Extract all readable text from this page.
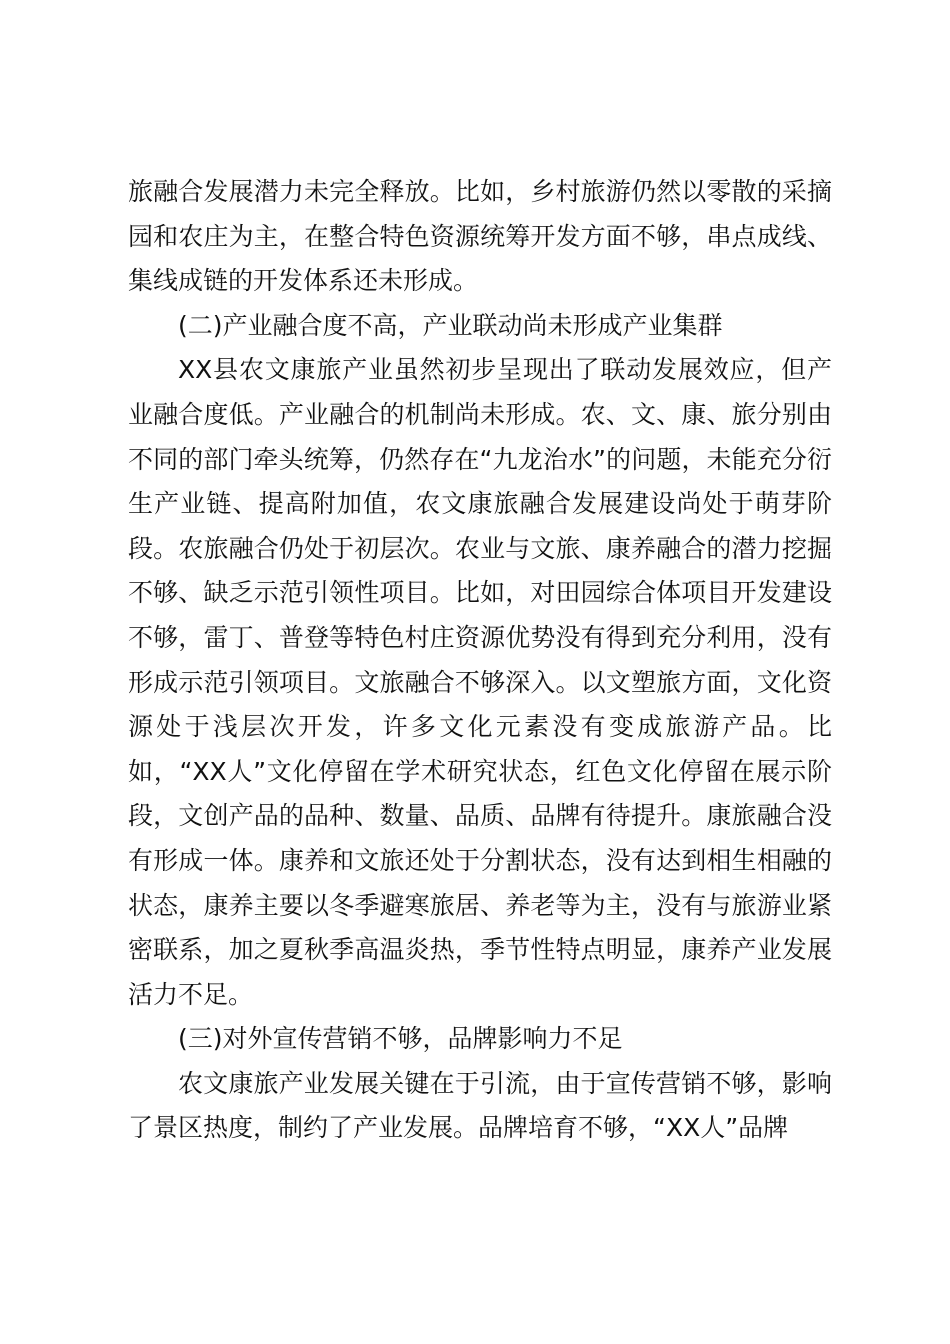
旅融合发展潜力未完全释放。比如，乡村旅游仍然以零散的采摘园和农庄为主，在整合特色资源统筹开发方面不够，串点成线、集线成链的开发体系还未形成。

(二)产业融合度不高，产业联动尚未形成产业集群

XX县农文康旅产业虽然初步呈现出了联动发展效应，但产业融合度低。产业融合的机制尚未形成。农、文、康、旅分别由不同的部门牵头统筹，仍然存在“九龙治水”的问题，未能充分衍生产业链、提高附加值，农文康旅融合发展建设尚处于萌芽阶段。农旅融合仍处于初层次。农业与文旅、康养融合的潜力挖掘不够、缺乏示范引领性项目。比如，对田园综合体项目开发建设不够，雷丁、普登等特色村庄资源优势没有得到充分利用，没有形成示范引领项目。文旅融合不够深入。以文塑旅方面，文化资源处于浅层次开发，许多文化元素没有变成旅游产品。比如，“XX人”文化停留在学术研究状态，红色文化停留在展示阶段，文创产品的品种、数量、品质、品牌有待提升。康旅融合没有形成一体。康养和文旅还处于分割状态，没有达到相生相融的状态，康养主要以冬季避寒旅居、养老等为主，没有与旅游业紧密联系，加之夏秋季高温炎热，季节性特点明显，康养产业发展活力不足。

(三)对外宣传营销不够，品牌影响力不足

农文康旅产业发展关键在于引流，由于宣传营销不够，影响了景区热度，制约了产业发展。品牌培育不够，“XX人”品牌
